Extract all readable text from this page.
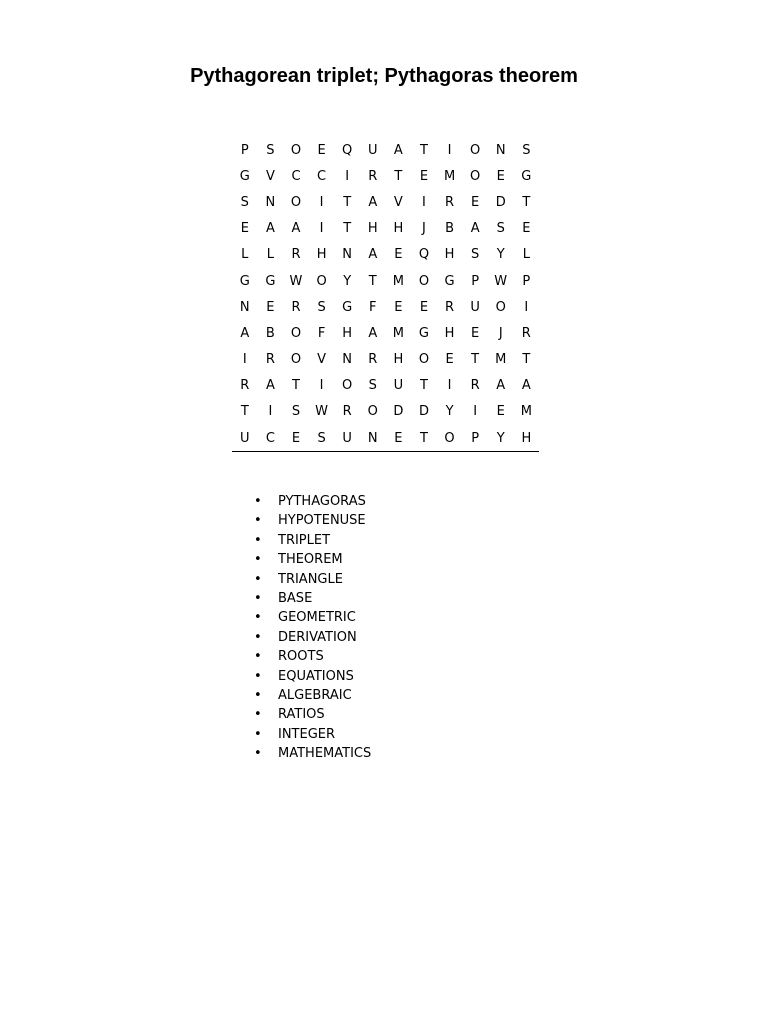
Pythagorean triplet; Pythagoras theorem
P	S	O	E	Q	U	A	T	I	O	N	S
G	V	C	C	I	R	T	E	M	O	E	G
S	N	O	I	T	A	V	I	R	E	D	T
E	A	A	I	T	H	H	J	B	A	S	E
L	L	R	H	N	A	E	Q	H	S	Y	L
G	G	W	O	Y	T	M	O	G	P	W	P
N	E	R	S	G	F	E	E	R	U	O	I
A	B	O	F	H	A	M	G	H	E	J	R
I	R	O	V	N	R	H	O	E	T	M	T
R	A	T	I	O	S	U	T	I	R	A	A
T	I	S	W	R	O	D	D	Y	I	E	M
U	C	E	S	U	N	E	T	O	P	Y	H
• PYTHAGORAS
• HYPOTENUSE
• TRIPLET
• THEOREM
• TRIANGLE
• BASE
• GEOMETRIC
• DERIVATION
• ROOTS
• EQUATIONS
• ALGEBRAIC
• RATIOS
• INTEGER
• MATHEMATICS
